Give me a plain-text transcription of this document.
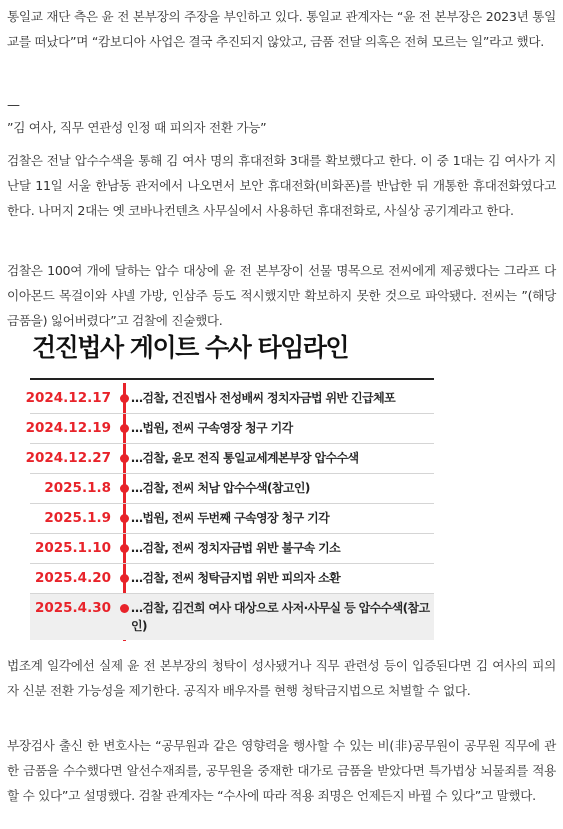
통일교 재단 측은 윤 전 본부장의 주장을 부인하고 있다. 통일교 관계자는 “윤 전 본부장은 2023년 통일교를 떠났다”며 “캄보디아 사업은 결국 추진되지 않았고, 금품 전달 의혹은 전혀 모르는 일”라고 했다.

—
”김 여사, 직무 연관성 인정 때 피의자 전환 가능”

검찰은 전날 압수수색을 통해 김 여사 명의 휴대전화 3대를 확보했다고 한다. 이 중 1대는 김 여사가 지난달 11일 서울 한남동 관저에서 나오면서 보안 휴대전화(비화폰)를 반납한 뒤 개통한 휴대전화였다고 한다. 나머지 2대는 옛 코바나컨텐츠 사무실에서 사용하던 휴대전화로, 사실상 공기계라고 한다.

검찰은 100여 개에 달하는 압수 대상에 윤 전 본부장이 선물 명목으로 전씨에게 제공했다는 그라프 다이아몬드 목걸이와 샤넬 가방, 인삼주 등도 적시했지만 확보하지 못한 것으로 파악됐다. 전씨는 ”(해당 금품을) 잃어버렸다”고 검찰에 진술했다.

건진법사 게이트 수사 타임라인
2024.12.17 …검찰, 건진법사 전성배씨 정치자금법 위반 긴급체포
2024.12.19 …법원, 전씨 구속영장 청구 기각
2024.12.27 …검찰, 윤모 전직 통일교세계본부장 압수수색
2025.1.8 …검찰, 전씨 처남 압수수색(참고인)
2025.1.9 …법원, 전씨 두번째 구속영장 청구 기각
2025.1.10 …검찰, 전씨 정치자금법 위반 불구속 기소
2025.4.20 …검찰, 전씨 청탁금지법 위반 피의자 소환
2025.4.30 …검찰, 김건희 여사 대상으로 사저·사무실 등 압수수색(참고인)

법조계 일각에선 실제 윤 전 본부장의 청탁이 성사됐거나 직무 관련성 등이 입증된다면 김 여사의 피의자 신분 전환 가능성을 제기한다. 공직자 배우자를 현행 청탁금지법으로 처벌할 수 없다.

부장검사 출신 한 변호사는 “공무원과 같은 영향력을 행사할 수 있는 비(非)공무원이 공무원 직무에 관한 금품을 수수했다면 알선수재죄를, 공무원을 중재한 대가로 금품을 받았다면 특가법상 뇌물죄를 적용할 수 있다”고 설명했다. 검찰 관계자는 “수사에 따라 적용 죄명은 언제든지 바뀔 수 있다”고 말했다.
